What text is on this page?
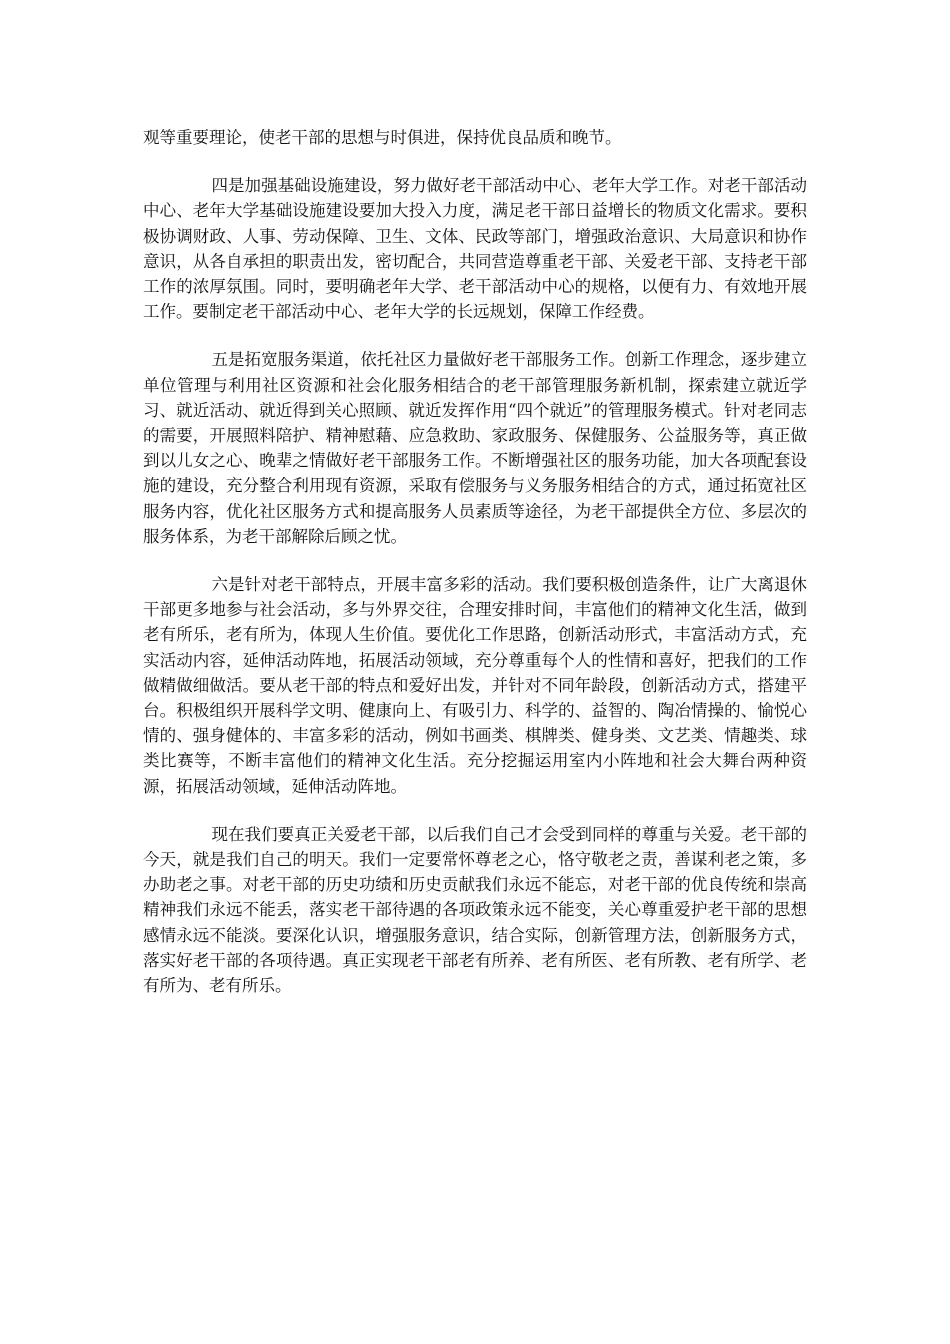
观等重要理论，使老干部的思想与时俱进，保持优良品质和晚节。

四是加强基础设施建设，努力做好老干部活动中心、老年大学工作。对老干部活动中心、老年大学基础设施建设要加大投入力度，满足老干部日益增长的物质文化需求。要积极协调财政、人事、劳动保障、卫生、文体、民政等部门，增强政治意识、大局意识和协作意识，从各自承担的职责出发，密切配合，共同营造尊重老干部、关爱老干部、支持老干部工作的浓厚氛围。同时，要明确老年大学、老干部活动中心的规格，以便有力、有效地开展工作。要制定老干部活动中心、老年大学的长远规划，保障工作经费。

五是拓宽服务渠道，依托社区力量做好老干部服务工作。创新工作理念，逐步建立单位管理与利用社区资源和社会化服务相结合的老干部管理服务新机制，探索建立就近学习、就近活动、就近得到关心照顾、就近发挥作用“四个就近”的管理服务模式。针对老同志的需要，开展照料陪护、精神慰藉、应急救助、家政服务、保健服务、公益服务等，真正做到以儿女之心、晚辈之情做好老干部服务工作。不断增强社区的服务功能，加大各项配套设施的建设，充分整合利用现有资源，采取有偿服务与义务服务相结合的方式，通过拓宽社区服务内容，优化社区服务方式和提高服务人员素质等途径，为老干部提供全方位、多层次的服务体系，为老干部解除后顾之忧。

六是针对老干部特点，开展丰富多彩的活动。我们要积极创造条件，让广大离退休干部更多地参与社会活动，多与外界交往，合理安排时间，丰富他们的精神文化生活，做到老有所乐，老有所为，体现人生价值。要优化工作思路，创新活动形式，丰富活动方式，充实活动内容，延伸活动阵地，拓展活动领域，充分尊重每个人的性情和喜好，把我们的工作做精做细做活。要从老干部的特点和爱好出发，并针对不同年龄段，创新活动方式，搭建平台。积极组织开展科学文明、健康向上、有吸引力、科学的、益智的、陶冶情操的、愉悦心情的、强身健体的、丰富多彩的活动，例如书画类、棋牌类、健身类、文艺类、情趣类、球类比赛等，不断丰富他们的精神文化生活。充分挖掘运用室内小阵地和社会大舞台两种资源，拓展活动领域，延伸活动阵地。

现在我们要真正关爱老干部，以后我们自己才会受到同样的尊重与关爱。老干部的今天，就是我们自己的明天。我们一定要常怀尊老之心，恪守敬老之责，善谋利老之策，多办助老之事。对老干部的历史功绩和历史贡献我们永远不能忘，对老干部的优良传统和崇高精神我们永远不能丢，落实老干部待遇的各项政策永远不能变，关心尊重爱护老干部的思想感情永远不能淡。要深化认识，增强服务意识，结合实际，创新管理方法，创新服务方式，落实好老干部的各项待遇。真正实现老干部老有所养、老有所医、老有所教、老有所学、老有所为、老有所乐。
